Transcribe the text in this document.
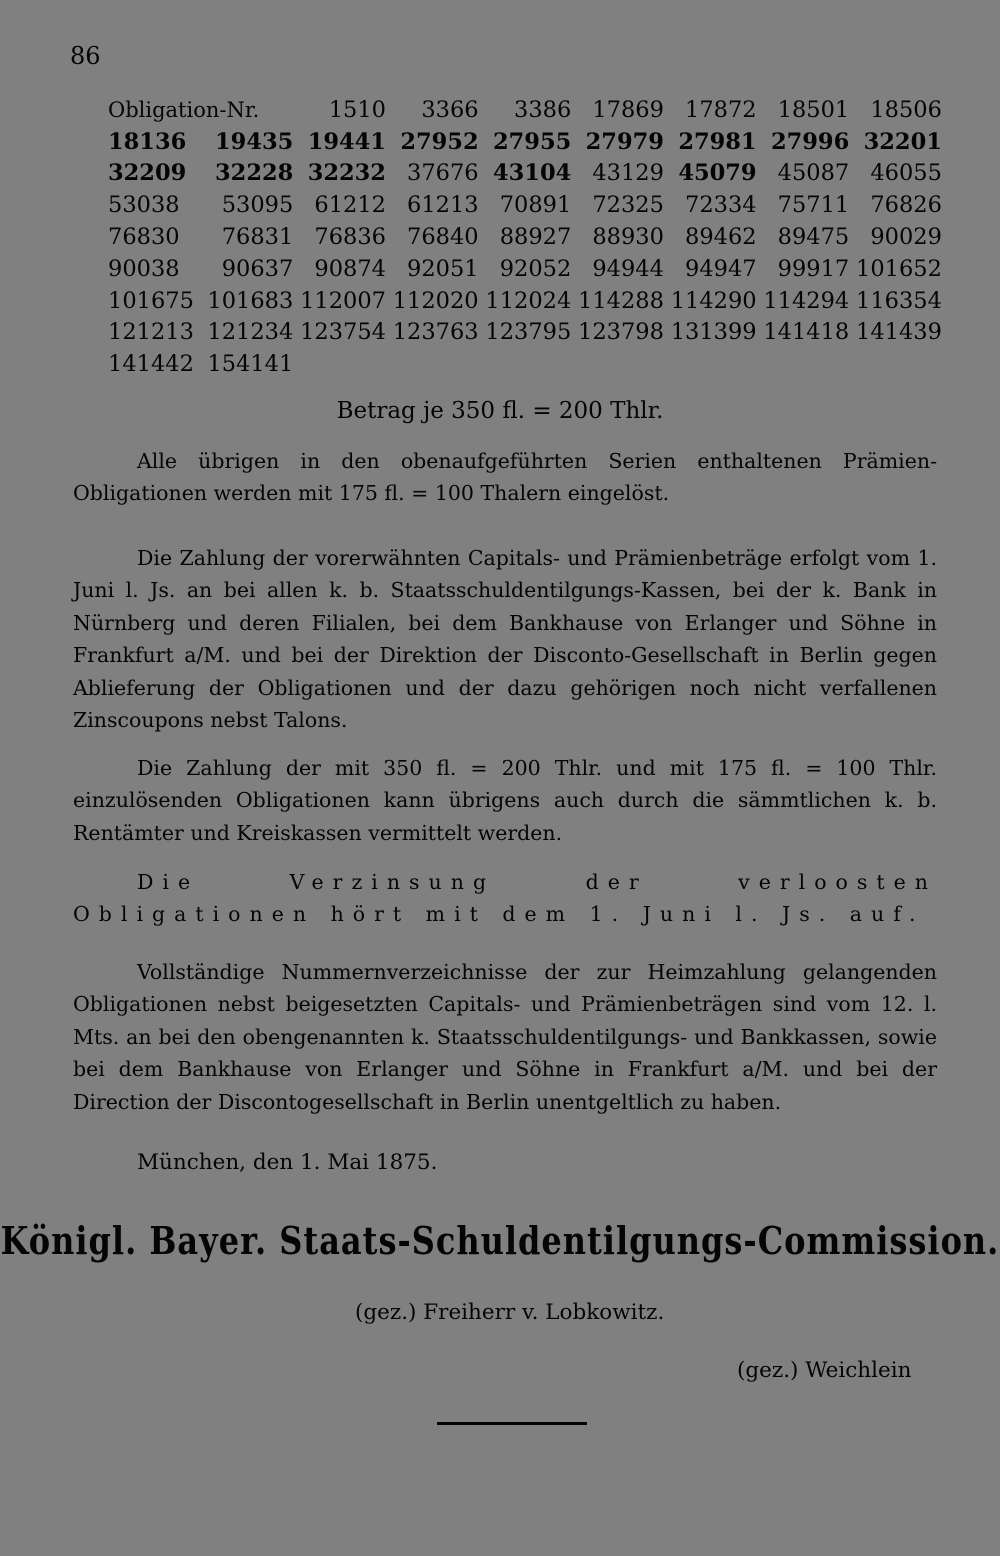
86
Obligation-Nr.	1510	3366	3386 17869 17872 18501 18506
18136	19435 19441 27952 27955 27979 27981 27996 32201
32209	32228 32232 37676 43104 43129 45079 45087 46055
53038	53095 61212 61213 70891 72325 72334 75711 76826
76830	76831 76836 76840 88927 88930 89462 89475 90029
90038	90637 90874 92051 92052 94944 94947 99917 101652
101675 101683 112007 112020 112024 114288 114290 114294 116354
121213 121234 123754 123763 123795 123798 131399 141418 141439
141442 154141
Betrag je 350 fl. = 200 Thlr.

Alle übrigen in den obenaufgeführten Serien enthaltenen Prämien-Obligationen werden mit 175 fl. = 100 Thalern eingelöst.

Die Zahlung der vorerwähnten Capitals- und Prämienbeträge erfolgt vom 1. Juni l. Js. an bei allen k. b. Staatsschuldentilgungs-Kassen, bei der k. Bank in Nürnberg und deren Filialen, bei dem Bankhause von Erlanger und Söhne in Frankfurt a/M. und bei der Direktion der Disconto-Gesellschaft in Berlin gegen Ablieferung der Obligationen und der dazu gehörigen noch nicht verfallenen Zinscoupons nebst Talons.

Die Zahlung der mit 350 fl. = 200 Thlr. und mit 175 fl. = 100 Thlr. einzulösenden Obligationen kann übrigens auch durch die sämmtlichen k. b. Rentämter und Kreiskassen vermittelt werden.

Die Verzinsung der verloosten Obligationen hört mit dem 1. Juni l. Js. auf.

Vollständige Nummernverzeichnisse der zur Heimzahlung gelangenden Obligationen nebst beigesetzten Capitals- und Prämienbeträgen sind vom 12. l. Mts. an bei den obengenannten k. Staatsschuldentilgungs- und Bankkassen, sowie bei dem Bankhause von Erlanger und Söhne in Frankfurt a/M. und bei der Direction der Discontogesellschaft in Berlin unentgeltlich zu haben.

München, den 1. Mai 1875.
Königl. Bayer. Staats-Schuldentilgungs-Commission.
(gez.) Freiherr v. Lobkowitz.
(gez.) Weichlein
